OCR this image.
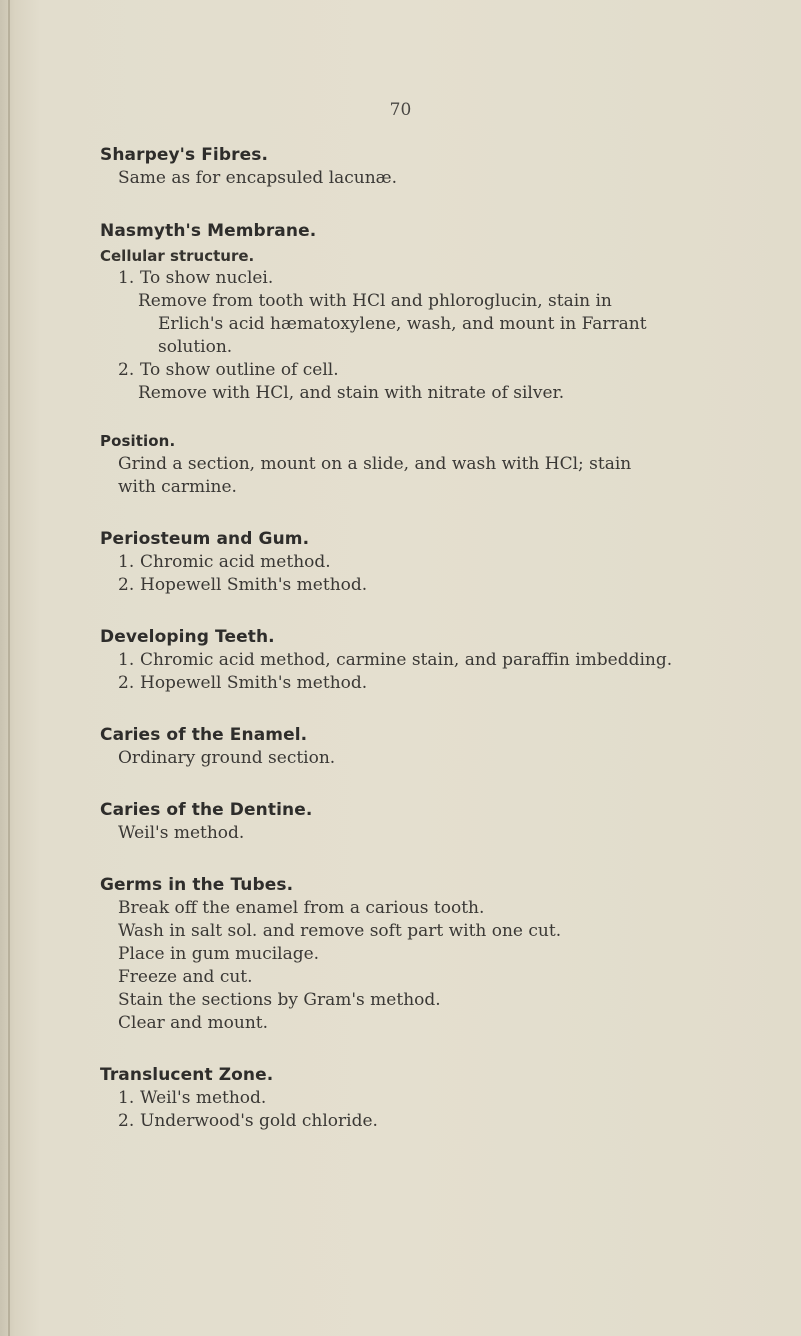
70

Sharpey's Fibres.

Same as for encapsuled lacunæ.

Nasmyth's Membrane.

Cellular structure.

1. To show nuclei.
Remove from tooth with HCl and phloroglucin, stain in
Erlich's acid hæmatoxylene, wash, and mount in Farrant
solution.
2. To show outline of cell.
Remove with HCl, and stain with nitrate of silver.

Position.

Grind a section, mount on a slide, and wash with HCl; stain

with carmine.

Periosteum and Gum.

1. Chromic acid method.
2. Hopewell Smith's method.

Developing Teeth.

1. Chromic acid method, carmine stain, and paraffin imbedding.
2. Hopewell Smith's method.

Caries of the Enamel.

Ordinary ground section.

Caries of the Dentine.

Weil's method.

Germs in the Tubes.

Break off the enamel from a carious tooth.

Wash in salt sol. and remove soft part with one cut.

Place in gum mucilage.

Freeze and cut.

Stain the sections by Gram's method.

Clear and mount.

Translucent Zone.

1. Weil's method.
2. Underwood's gold chloride.
